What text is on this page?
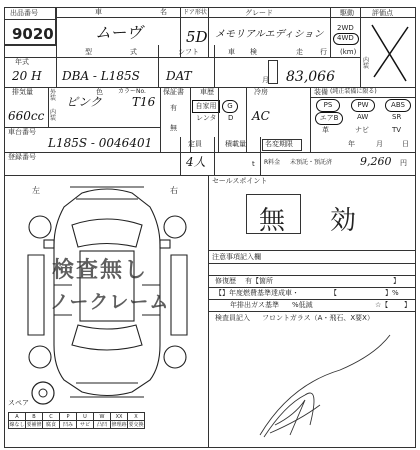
出品番号
9020
車	名
ムーヴ
ドア形状
5D
グレード
メモリアルエディション
駆動
2WD
4WD
評価点
年式
20 H
型	式
DBA - L185S
シフト
DAT
車 検
月
走 行 (km)
83,066
内装
排気量
660cc
外装
内装
色	カラーNo.
ピンク	T16
保証書
有
無
車歴
自家用
レンタ
G
D
冷房
AC
装備 (純正装備に限る)
PS	PW	ABS
エアB	AW	SR
革	ナビ	TV
車台番号
L185S - 0046401
登録番号
定員
4人
積載量
t
名変期限	年	月	日
R料金 未預託・預託済	9,260 円
左	右
検査無し
ノークレーム
スペア
A	B	C	P	U	W	XX	X
線なし	要補修	腐食	凹み	サビ	凸凹	修理跡	要交換
セールスポイント
無 効
注意事項記入欄
修復歴 有【箇所	】
【】年度燃費基準達成車・	【	】%
年排出ガス基準 %低減	☆【 】
検査員記入 フロントガラス（A・飛石、X要X）
